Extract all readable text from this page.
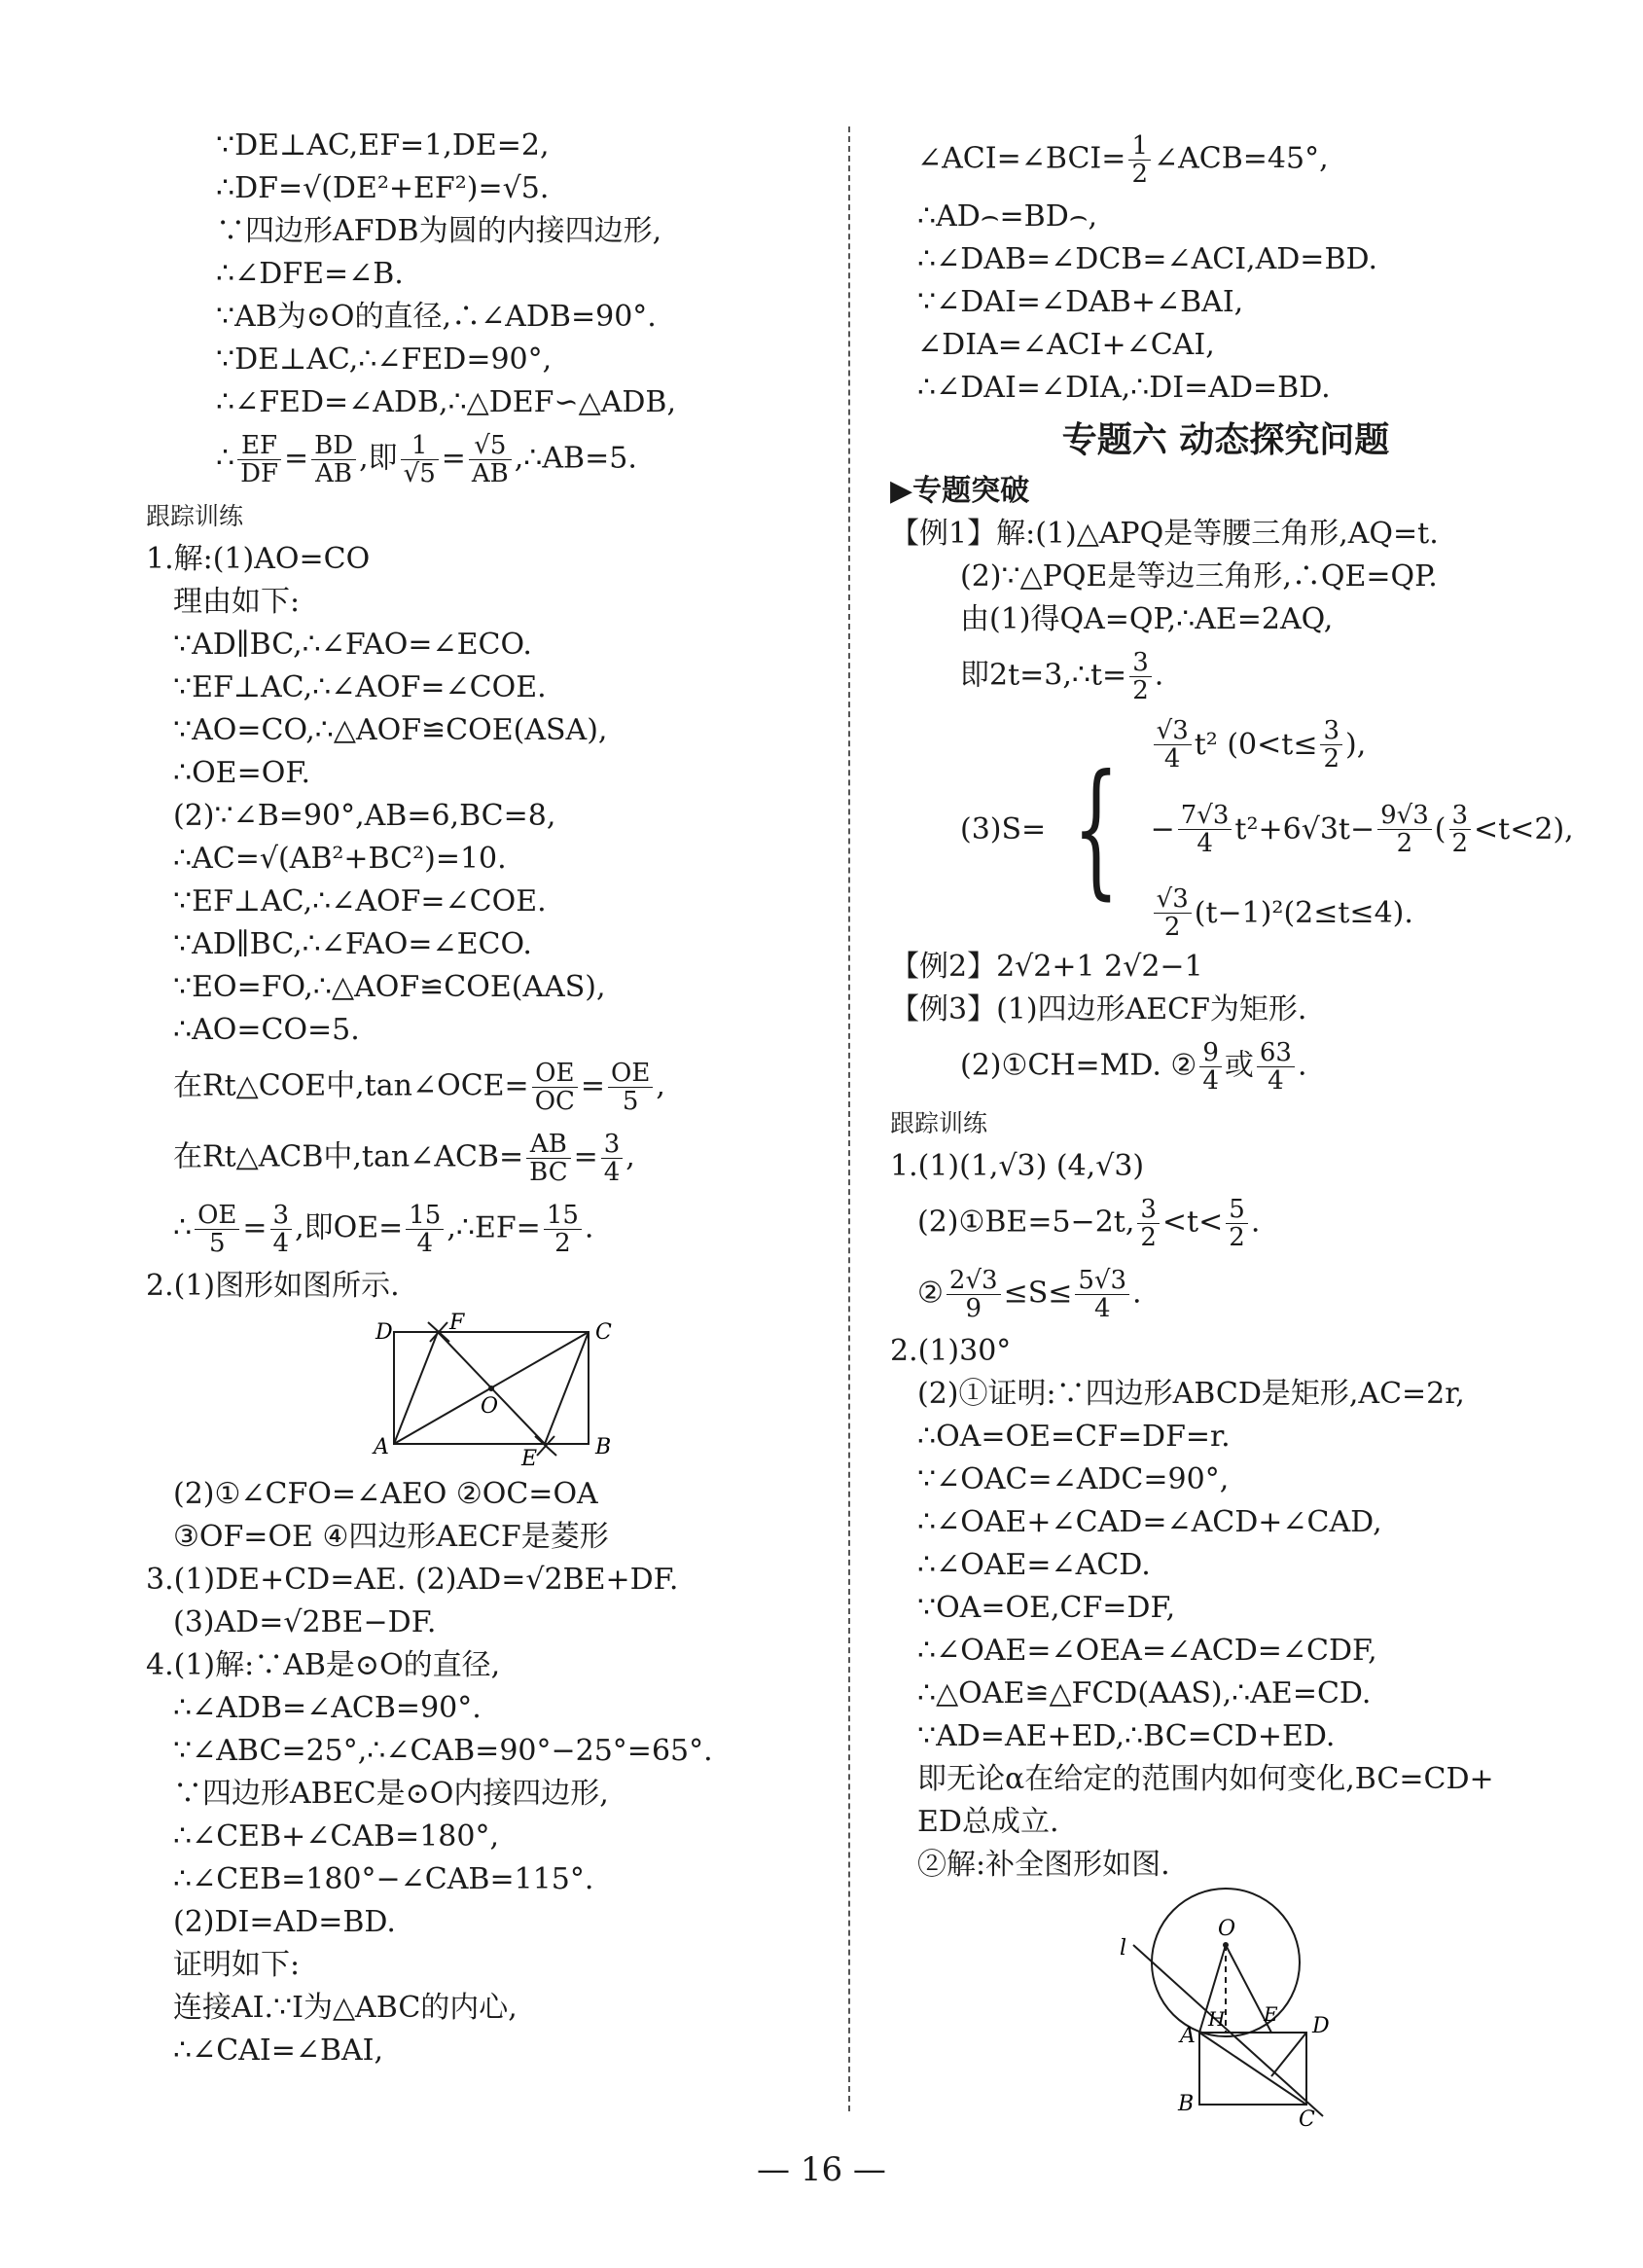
∵DE⊥AC,EF=1,DE=2,
∴DF=√(DE²+EF²)=√5.
∵四边形AFDB为圆的内接四边形,
∴∠DFE=∠B.
∵AB为⊙O的直径,∴∠ADB=90°.
∵DE⊥AC,∴∠FED=90°,
∴∠FED=∠ADB,∴△DEF∽△ADB,
∴ $\frac{EF}{DF} = \frac{BD}{AB}$ ,即 $\frac{1}{√5} = \frac{√5}{AB}$ ,∴AB=5.
跟踪训练
1.解:(1)AO=CO
理由如下:
∵AD∥BC,∴∠FAO=∠ECO.
∵EF⊥AC,∴∠AOF=∠COE.
∵AO=CO,∴△AOF≌COE(ASA),
∴OE=OF.
(2)∵∠B=90°,AB=6,BC=8,
∴AC=√(AB²+BC²)=10.
∵EF⊥AC,∴∠AOF=∠COE.
∵AD∥BC,∴∠FAO=∠ECO.
∵EO=FO,∴△AOF≌COE(AAS),
∴AO=CO=5.
在Rt△COE中,tan∠OCE= $\frac{OE}{OC} = \frac{OE}{5}$ ,
在Rt△ACB中,tan∠ACB= $\frac{AB}{BC} = \frac{3}{4}$ ,
∴ $\frac{OE}{5} = \frac{3}{4}$ ,即$OE= \frac{15}{4}$ ,∴EF= $\frac{15}{2}$ .
2.(1)图形如图所示.
D	F	C
O
A	E	B
(2)①∠CFO=∠AEO ②OC=OA
③OF=OE ④四边形AECF是菱形
3.(1)DE+CD=AE. (2)AD=√2BE+DF.
(3)AD=√2BE−DF.
4.(1)解:∵AB是⊙O的直径,
∴∠ADB=∠ACB=90°.
∵∠ABC=25°,∴∠CAB=90°−25°=65°.
∵四边形ABEC是⊙O内接四边形,
∴∠CEB+∠CAB=180°,
∴∠CEB=180°−∠CAB=115°.
(2)DI=AD=BD.
证明如下:
连接AI.∵I为△ABC的内心,
∴∠CAI=∠BAI,
∠ACI=∠BCI= $\frac{1}{2}$ ∠ACB=45°,
∴AD⌢=BD⌢,
∴∠DAB=∠DCB=∠ACI,AD=BD.
∵∠DAI=∠DAB+∠BAI,
∠DIA=∠ACI+∠CAI,
∴∠DAI=∠DIA,∴DI=AD=BD.
专题六 动态探究问题
▶专题突破
【例1】解:(1)△APQ是等腰三角形,AQ=t.
(2)∵△PQE是等边三角形,∴QE=QP.
由(1)得QA=QP,∴AE=2AQ,
即2t=3,∴t= $\frac{3}{2}$ .
(3)S= { $\frac{√3}{4} t^2$ ($0<t\le \frac{3}{2}$ ),
− $\frac{7√3}{4} t^2+6√3t- \frac{9√3}{2}$ ( $\frac{3}{2} <t<2$),
$\frac{√3}{2} (t-1)^2(2\le t\le 4)$.
【例2】2√2+1 2√2−1
【例3】(1)四边形AECF为矩形.
(2)①CH=MD. ② $\frac{9}{4}$ 或 $\frac{63}{4}$ .
跟踪训练
1.(1)(1,√3) (4,√3)
(2)①BE=5−2t, $\frac{3}{2} <t< \frac{5}{2}$ .
② $\frac{2√3}{9} \le S\le \frac{5√3}{4}$ .
2.(1)30°
(2)①证明:∵四边形ABCD是矩形,AC=2r,
∴OA=OE=CF=DF=r.
∵∠OAC=∠ADC=90°,
∴∠OAE+∠CAD=∠ACD+∠CAD,
∴∠OAE=∠ACD.
∵OA=OE,CF=DF,
∴∠OAE=∠OEA=∠ACD=∠CDF,
∴△OAE≌△FCD(AAS),∴AE=CD.
∵AD=AE+ED,∴BC=CD+ED.
即无论α在给定的范围内如何变化,BC=CD+
ED总成立.
②解:补全图形如图.
O
l
H E D
A
B
C
— 16 —
